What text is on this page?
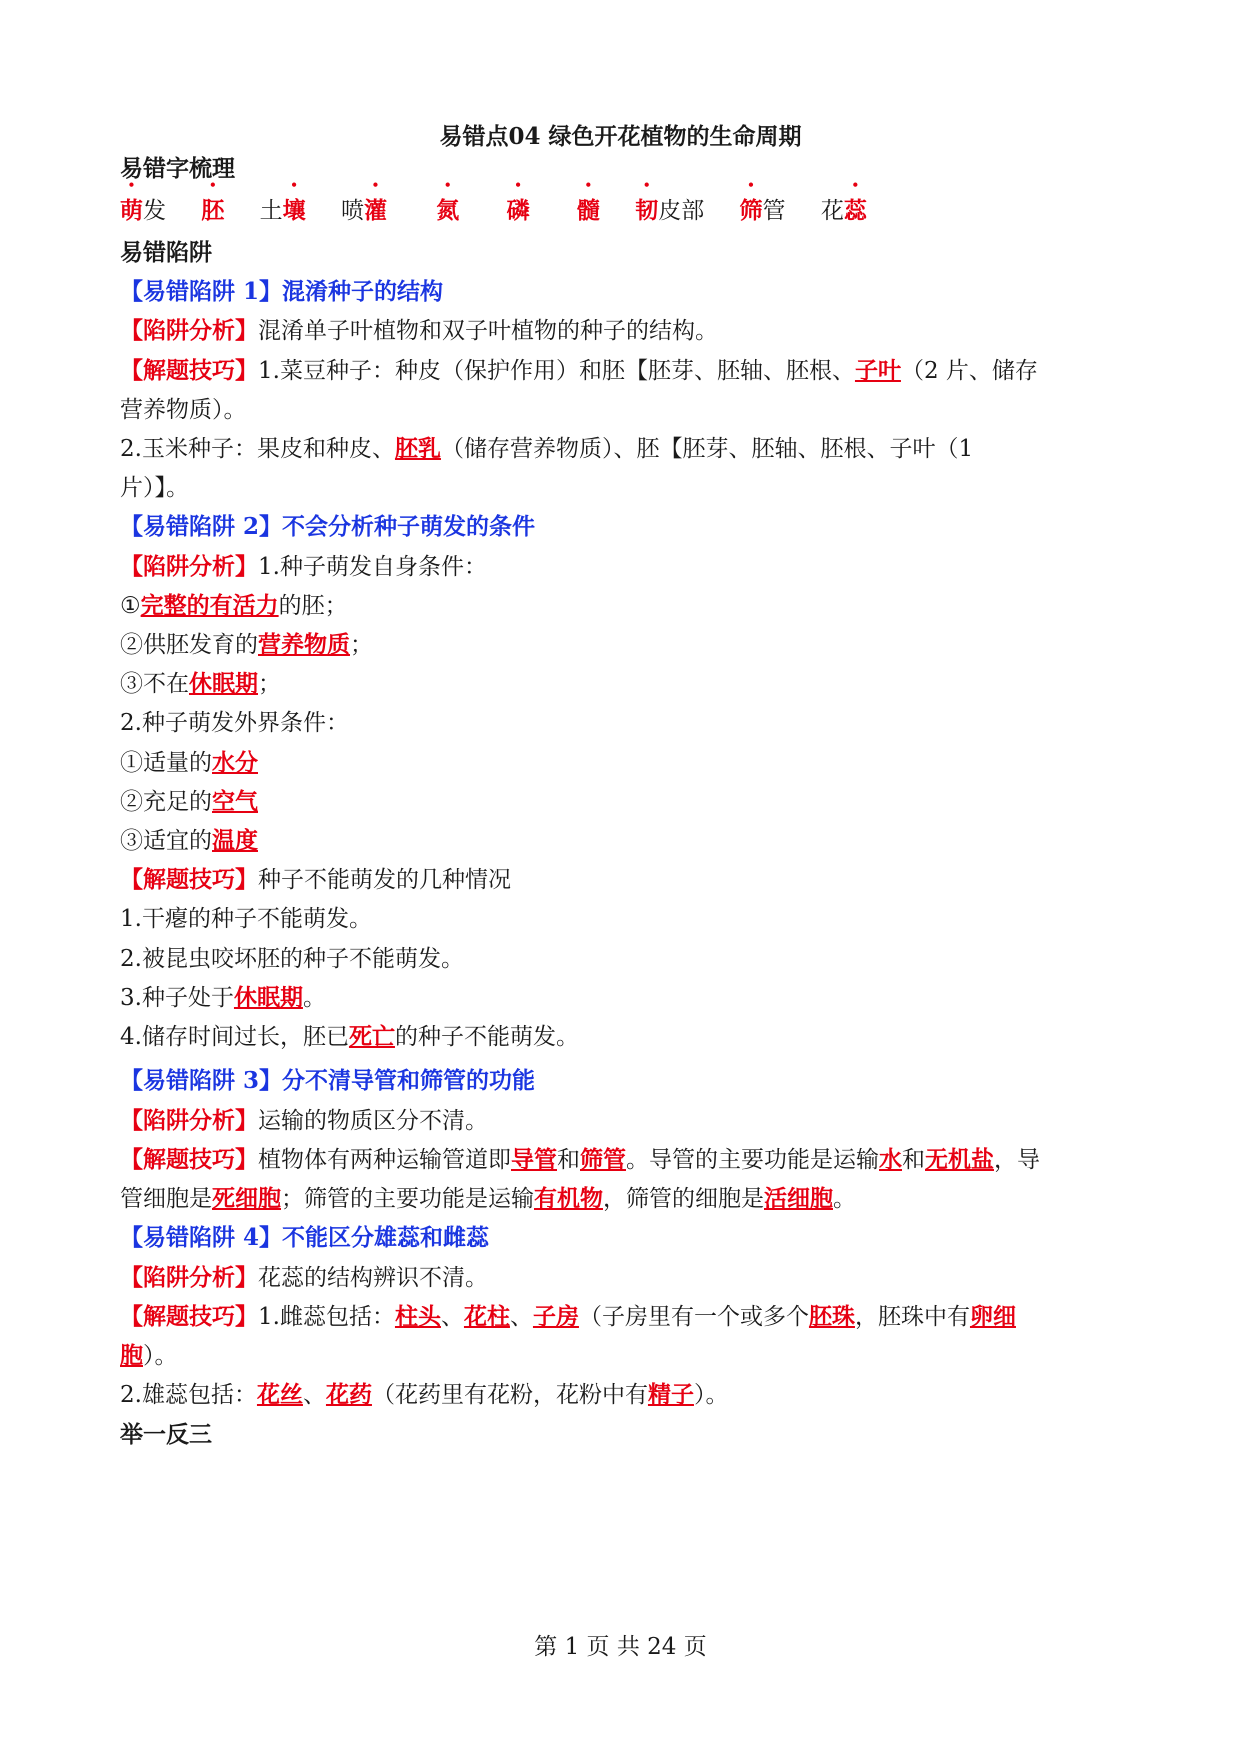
易错点04 绿色开花植物的生命周期
易错字梳理
萌发 胚 土壤 喷灌 氮 磷 髓 韧皮部 筛管 花蕊
易错陷阱
【易错陷阱 1】混淆种子的结构
【陷阱分析】混淆单子叶植物和双子叶植物的种子的结构。
【解题技巧】1.菜豆种子：种皮（保护作用）和胚【胚芽、胚轴、胚根、子叶（2 片、储存
营养物质）。
2.玉米种子：果皮和种皮、胚乳（储存营养物质）、胚【胚芽、胚轴、胚根、子叶（1
片）】。
【易错陷阱 2】不会分析种子萌发的条件
【陷阱分析】1.种子萌发自身条件：
①完整的有活力的胚；
②供胚发育的营养物质；
③不在休眠期；
2.种子萌发外界条件：
①适量的水分
②充足的空气
③适宜的温度
【解题技巧】种子不能萌发的几种情况
1.干瘪的种子不能萌发。
2.被昆虫咬坏胚的种子不能萌发。
3.种子处于休眠期。
4.储存时间过长，胚已死亡的种子不能萌发。
【易错陷阱 3】分不清导管和筛管的功能
【陷阱分析】运输的物质区分不清。
【解题技巧】植物体有两种运输管道即导管和筛管。导管的主要功能是运输水和无机盐，导
管细胞是死细胞；筛管的主要功能是运输有机物，筛管的细胞是活细胞。
【易错陷阱 4】不能区分雄蕊和雌蕊
【陷阱分析】花蕊的结构辨识不清。
【解题技巧】1.雌蕊包括：柱头、花柱、子房（子房里有一个或多个胚珠，胚珠中有卵细
胞）。
2.雄蕊包括：花丝、花药（花药里有花粉，花粉中有精子）。
举一反三
第 1 页 共 24 页
